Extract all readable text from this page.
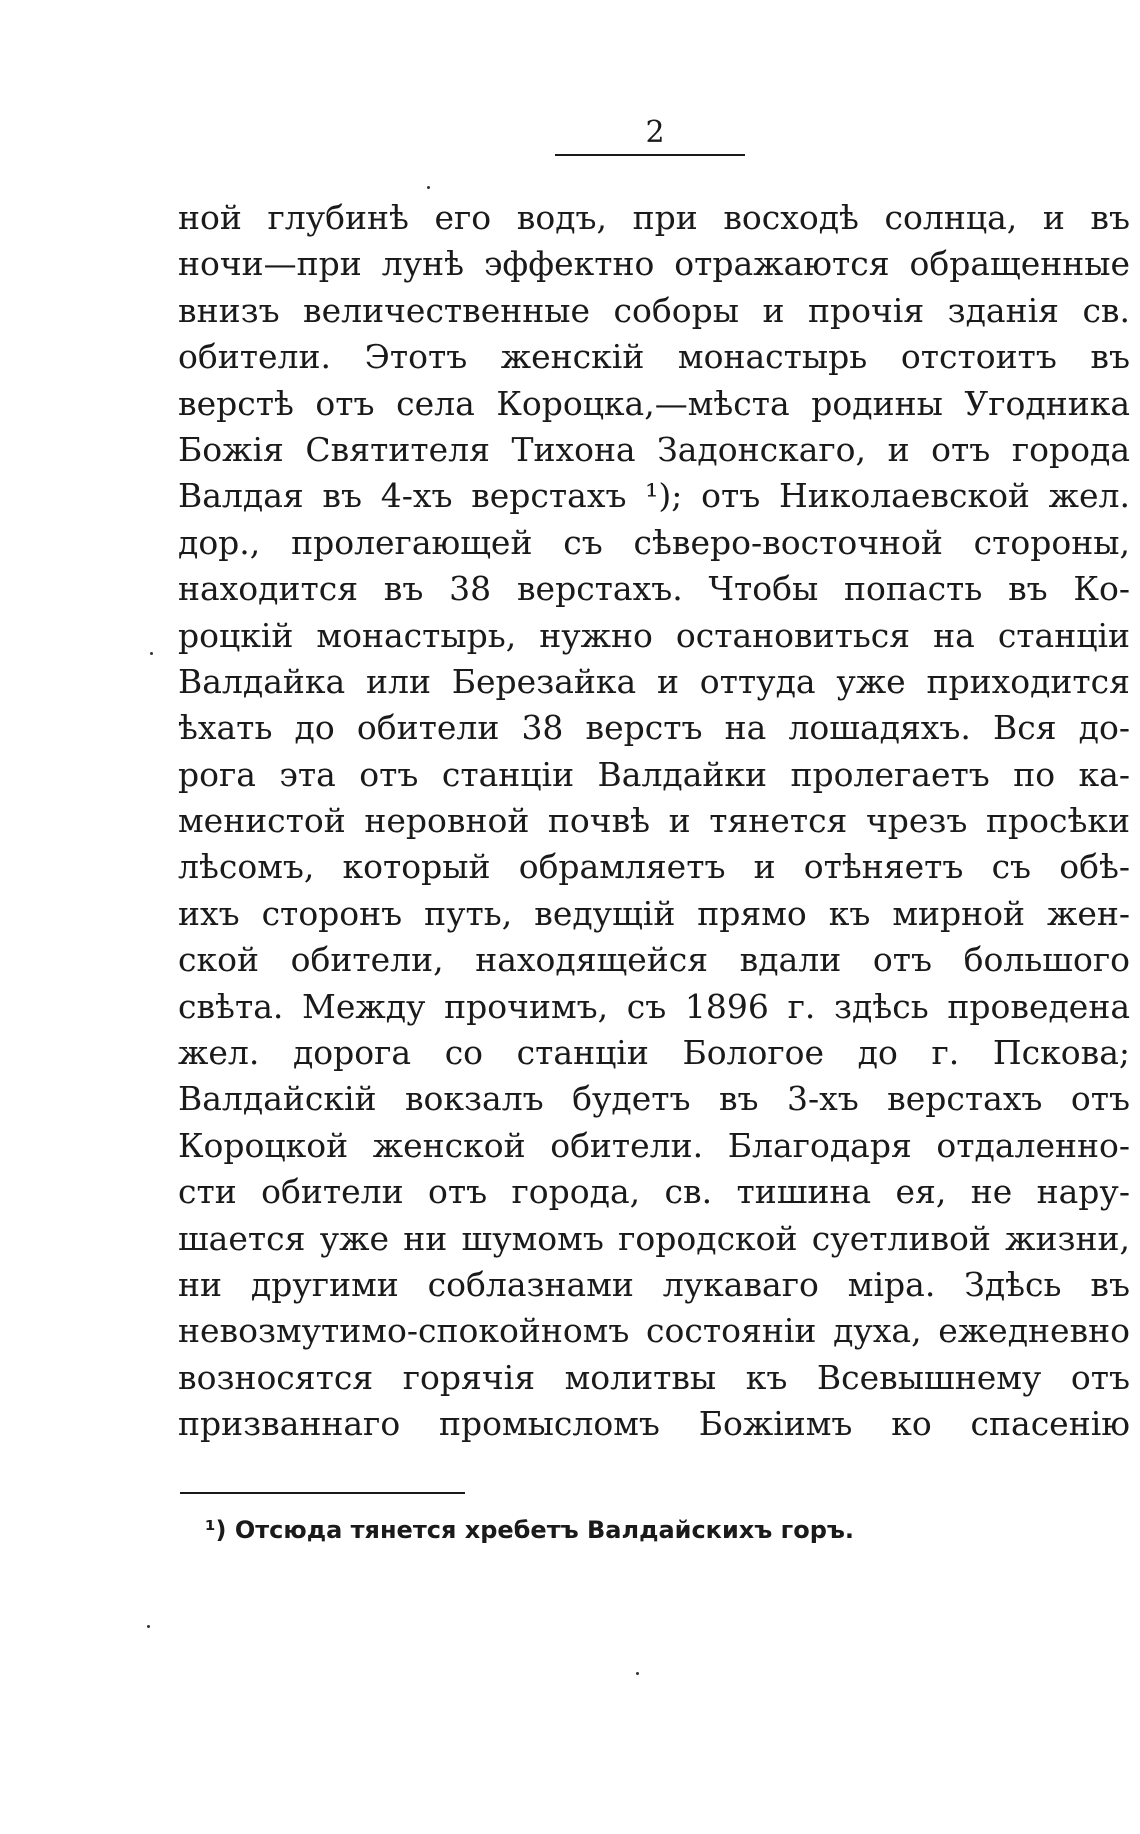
2
ной глубинѣ его водъ, при восходѣ солнца, и въ
ночи—при лунѣ эффектно отражаются обращенные
внизъ величественные соборы и прочія зданія св.
обители. Этотъ женскій монастырь отстоитъ въ
верстѣ отъ села Короцка,—мѣста родины Угодника
Божія Святителя Тихона Задонскаго, и отъ города
Валдая въ 4-хъ верстахъ ¹); отъ Николаевской жел.
дор., пролегающей съ сѣверо-восточной стороны,
находится въ 38 верстахъ. Чтобы попасть въ Ко-
роцкій монастырь, нужно остановиться на станціи
Валдайка или Березайка и оттуда уже приходится
ѣхать до обители 38 верстъ на лошадяхъ. Вся до-
рога эта отъ станціи Валдайки пролегаетъ по ка-
менистой неровной почвѣ и тянется чрезъ просѣки
лѣсомъ, который обрамляетъ и отѣняетъ съ обѣ-
ихъ сторонъ путь, ведущій прямо къ мирной жен-
ской обители, находящейся вдали отъ большого
свѣта. Между прочимъ, съ 1896 г. здѣсь проведена
жел. дорога со станціи Бологое до г. Пскова;
Валдайскій вокзалъ будетъ въ 3-хъ верстахъ отъ
Короцкой женской обители. Благодаря отдаленно-
сти обители отъ города, св. тишина ея, не нару-
шается уже ни шумомъ городской суетливой жизни,
ни другими соблазнами лукаваго міра. Здѣсь въ
невозмутимо-спокойномъ состояніи духа, ежедневно
возносятся горячія молитвы къ Всевышнему отъ
призваннаго промысломъ Божіимъ ко спасенію
¹) Отсюда тянется хребетъ Валдайскихъ горъ.
